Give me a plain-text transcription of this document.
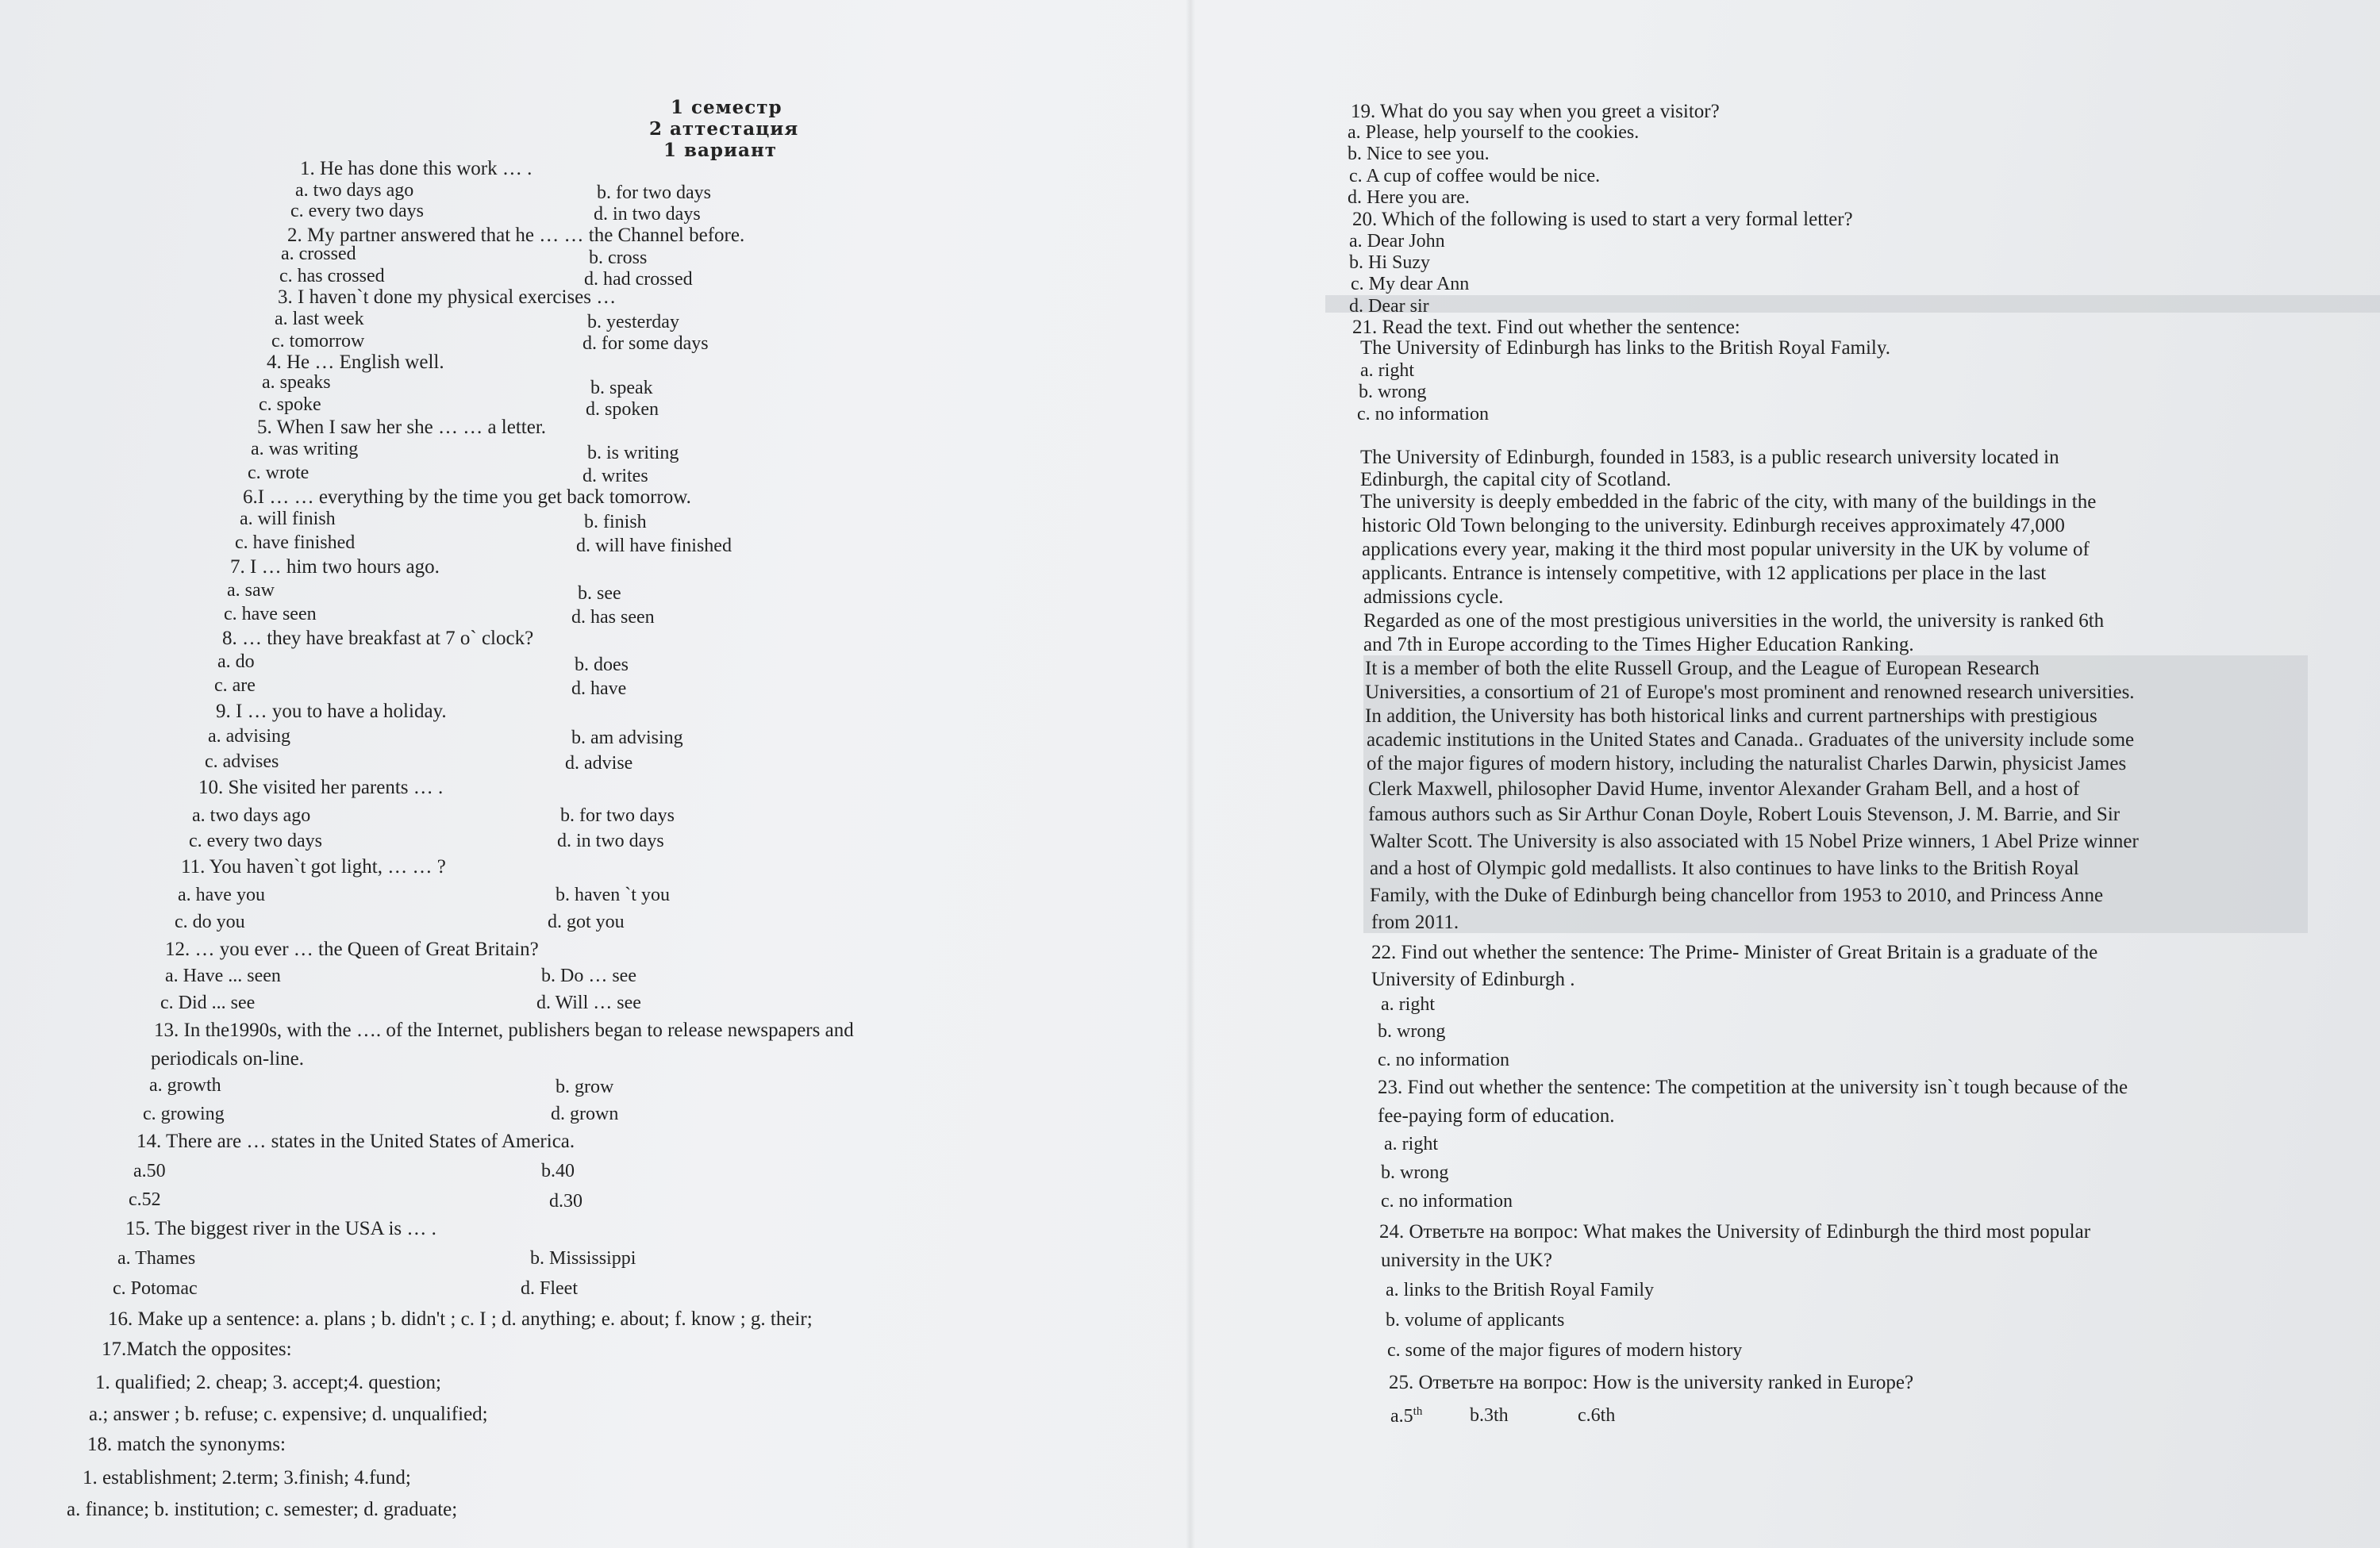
1 семестр
2 аттестация
1 вариант
1. He has done this work … .
a. two days ago	b. for two days
c. every two days	d. in two days
2. My partner answered that he … … the Channel before.
a. crossed	b. cross
c. has crossed	d. had crossed
3. I haven`t done my physical exercises …
a. last week	b. yesterday
c. tomorrow	d. for some days
4. He … English well.
a. speaks	b. speak
c. spoke	d. spoken
5. When I saw her she … … a letter.
a. was writing	b. is writing
c. wrote	d. writes
6.I … … everything by the time you get back tomorrow.
a. will finish	b. finish
c. have finished	d. will have finished
7. I … him two hours ago.
a. saw	b. see
c. have seen	d. has seen
8. … they have breakfast at 7 o` clock?
a. do	b. does
c. are	d. have
9. I … you to have a holiday.
a. advising	b. am advising
c. advises	d. advise
10. She visited her parents … .
a. two days ago	b. for two days
c. every two days	d. in two days
11. You haven`t got light, … … ?
a. have you	b. haven `t you
c. do you	d. got you
12. … you ever … the Queen of Great Britain?
a. Have ... seen	b. Do … see
c. Did ... see	d. Will … see
13. In the1990s, with the …. of the Internet, publishers began to release newspapers and
periodicals on-line.
a. growth	b. grow
c. growing	d. grown
14. There are … states in the United States of America.
a.50	b.40
c.52	d.30
15. The biggest river in the USA is … .
a. Thames	b. Mississippi
c. Potomac	d. Fleet
16. Make up a sentence: a. plans ; b. didn't ; c. I ; d. anything; e. about; f. know ; g. their;
17.Match the opposites:
1. qualified; 2. cheap; 3. accept;4. question;
a.; answer ; b. refuse; c. expensive; d. unqualified;
18. match the synonyms:
1. establishment; 2.term; 3.finish; 4.fund;
a. finance; b. institution; c. semester; d. graduate;
19. What do you say when you greet a visitor?
a. Please, help yourself to the cookies.
b. Nice to see you.
c. A cup of coffee would be nice.
d. Here you are.
20. Which of the following is used to start a very formal letter?
a. Dear John
b. Hi Suzy
c. My dear Ann
d. Dear sir
21. Read the text. Find out whether the sentence:
The University of Edinburgh has links to the British Royal Family.
a. right
b. wrong
c. no information
The University of Edinburgh, founded in 1583, is a public research university located in
Edinburgh, the capital city of Scotland.
The university is deeply embedded in the fabric of the city, with many of the buildings in the
historic Old Town belonging to the university. Edinburgh receives approximately 47,000
applications every year, making it the third most popular university in the UK by volume of
applicants. Entrance is intensely competitive, with 12 applications per place in the last
admissions cycle.
Regarded as one of the most prestigious universities in the world, the university is ranked 6th
and 7th in Europe according to the Times Higher Education Ranking.
It is a member of both the elite Russell Group, and the League of European Research
Universities, a consortium of 21 of Europe's most prominent and renowned research universities.
In addition, the University has both historical links and current partnerships with prestigious
academic institutions in the United States and Canada.. Graduates of the university include some
of the major figures of modern history, including the naturalist Charles Darwin, physicist James
Clerk Maxwell, philosopher David Hume, inventor Alexander Graham Bell, and a host of
famous authors such as Sir Arthur Conan Doyle, Robert Louis Stevenson, J. M. Barrie, and Sir
Walter Scott. The University is also associated with 15 Nobel Prize winners, 1 Abel Prize winner
and a host of Olympic gold medallists. It also continues to have links to the British Royal
Family, with the Duke of Edinburgh being chancellor from 1953 to 2010, and Princess Anne
from 2011.
22. Find out whether the sentence: The Prime- Minister of Great Britain is a graduate of the
University of Edinburgh .
a. right
b. wrong
c. no information
23. Find out whether the sentence: The competition at the university isn`t tough because of the
fee-paying form of education.
a. right
b. wrong
c. no information
24. Ответьте на вопрос: What makes the University of Edinburgh the third most popular
university in the UK?
a. links to the British Royal Family
b. volume of applicants
c. some of the major figures of modern history
25. Ответьте на вопрос: How is the university ranked in Europe?
a.5th b.3th	c.6th
